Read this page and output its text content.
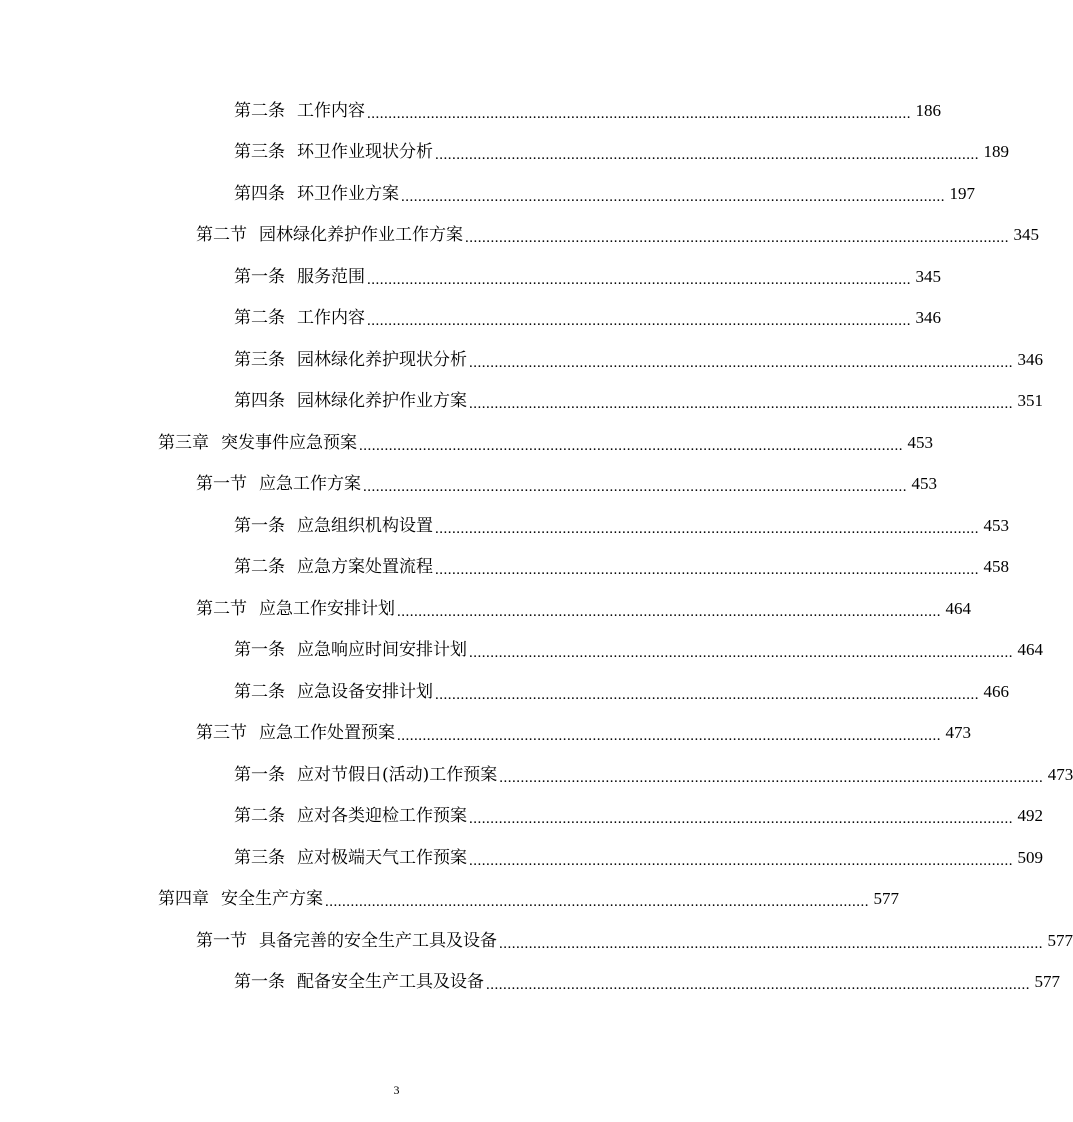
第二条 工作内容 ................................................................................................................................ 186
第三条 环卫作业现状分析 ................................................................................................................................ 189
第四条 环卫作业方案 ................................................................................................................................ 197
第二节 园林绿化养护作业工作方案 ................................................................................................................................ 345
第一条 服务范围 ................................................................................................................................ 345
第二条 工作内容 ................................................................................................................................ 346
第三条 园林绿化养护现状分析 ................................................................................................................................ 346
第四条 园林绿化养护作业方案 ................................................................................................................................ 351
第三章 突发事件应急预案 ................................................................................................................................ 453
第一节 应急工作方案 ................................................................................................................................ 453
第一条 应急组织机构设置 ................................................................................................................................ 453
第二条 应急方案处置流程 ................................................................................................................................ 458
第二节 应急工作安排计划 ................................................................................................................................ 464
第一条 应急响应时间安排计划 ................................................................................................................................ 464
第二条 应急设备安排计划 ................................................................................................................................ 466
第三节 应急工作处置预案 ................................................................................................................................ 473
第一条 应对节假日(活动)工作预案 ................................................................................................................................ 473
第二条 应对各类迎检工作预案 ................................................................................................................................ 492
第三条 应对极端天气工作预案 ................................................................................................................................ 509
第四章 安全生产方案 ................................................................................................................................ 577
第一节 具备完善的安全生产工具及设备 ................................................................................................................................ 577
第一条 配备安全生产工具及设备 ................................................................................................................................ 577
3
